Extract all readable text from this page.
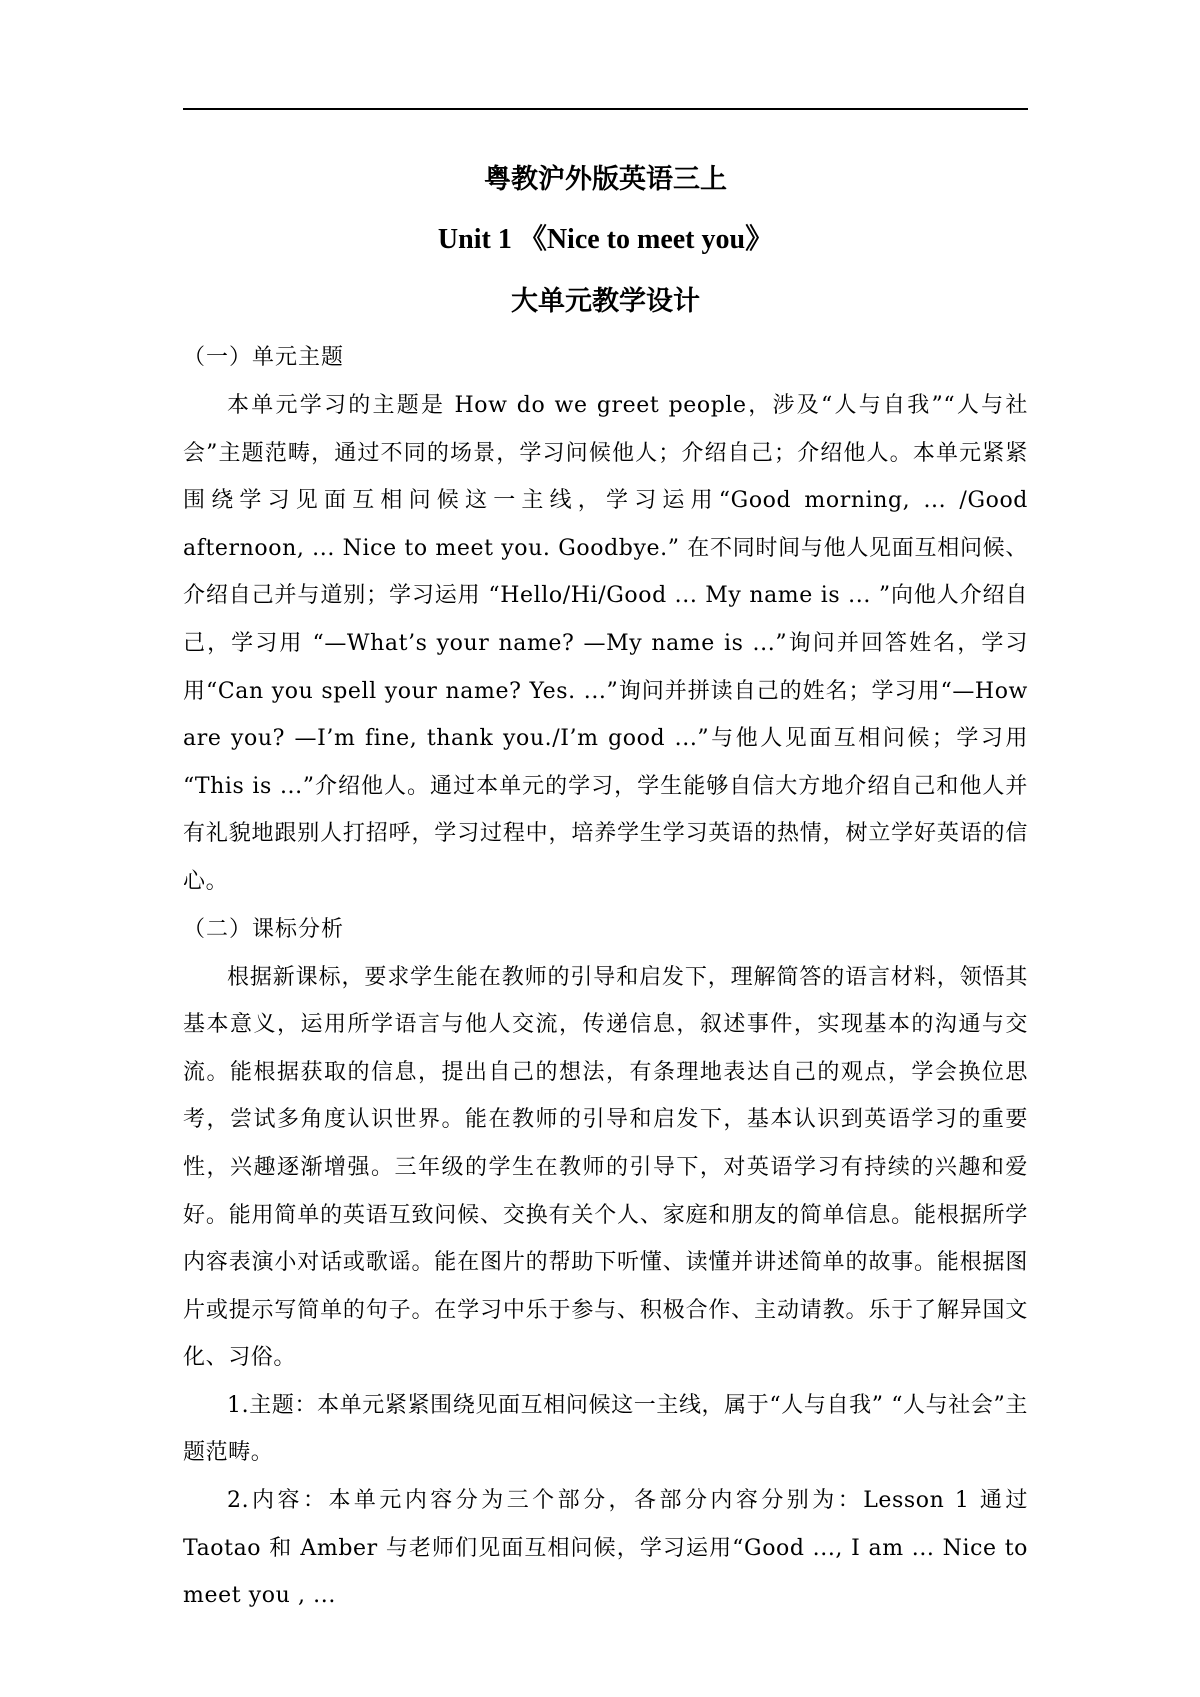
粤教沪外版英语三上

Unit 1 《Nice to meet you》

大单元教学设计

（一）单元主题

本单元学习的主题是 How do we greet people，涉及“人与自我”“人与社会”主题范畴，通过不同的场景，学习问候他人；介绍自己；介绍他人。本单元紧紧围绕学习见面互相问候这一主线，学习运用“Good morning, ... /Good afternoon, ... Nice to meet you. Goodbye.” 在不同时间与他人见面互相问候、介绍自己并与道别；学习运用 “Hello/Hi/Good ... My name is ... ”向他人介绍自己，学习用 “—What’s your name? —My name is ...”询问并回答姓名，学习用“Can you spell your name? Yes. ...”询问并拼读自己的姓名；学习用“—How are you? —I’m fine, thank you./I’m good ...”与他人见面互相问候；学习用 “This is ...”介绍他人。通过本单元的学习，学生能够自信大方地介绍自己和他人并有礼貌地跟别人打招呼，学习过程中，培养学生学习英语的热情，树立学好英语的信心。

（二）课标分析

根据新课标，要求学生能在教师的引导和启发下，理解简答的语言材料，领悟其基本意义，运用所学语言与他人交流，传递信息，叙述事件，实现基本的沟通与交流。能根据获取的信息，提出自己的想法，有条理地表达自己的观点，学会换位思考，尝试多角度认识世界。能在教师的引导和启发下，基本认识到英语学习的重要性，兴趣逐渐增强。三年级的学生在教师的引导下，对英语学习有持续的兴趣和爱好。能用简单的英语互致问候、交换有关个人、家庭和朋友的简单信息。能根据所学内容表演小对话或歌谣。能在图片的帮助下听懂、读懂并讲述简单的故事。能根据图片或提示写简单的句子。在学习中乐于参与、积极合作、主动请教。乐于了解异国文化、习俗。

1.主题：本单元紧紧围绕见面互相问候这一主线，属于“人与自我” “人与社会”主题范畴。

2.内容：本单元内容分为三个部分，各部分内容分别为：Lesson 1 通过 Taotao 和 Amber 与老师们见面互相问候，学习运用“Good ..., I am ... Nice to meet you , ...
